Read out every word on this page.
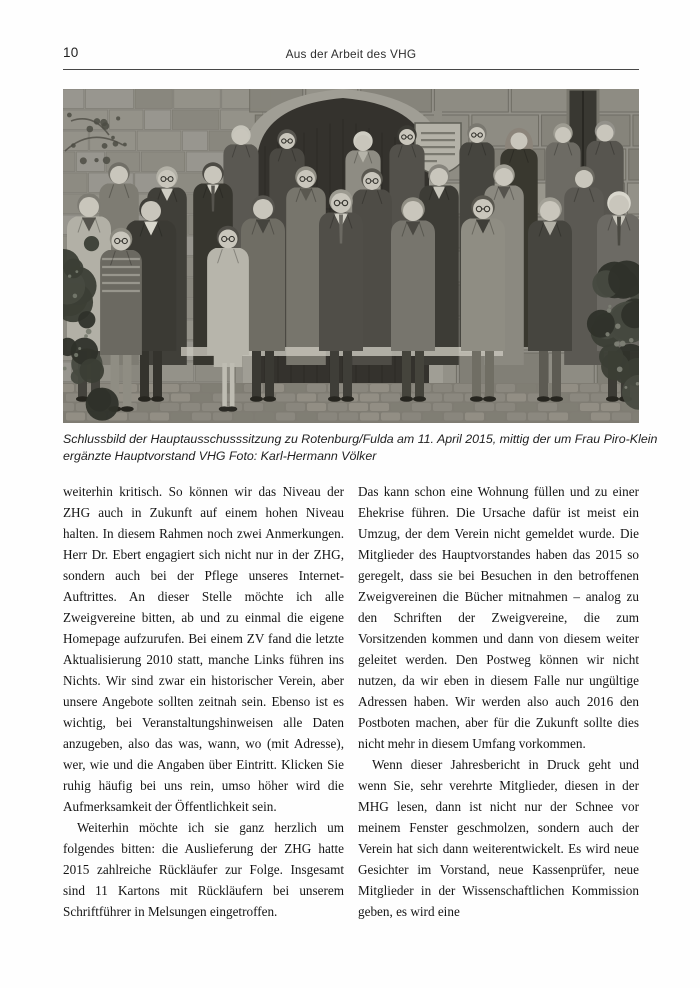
10	Aus der Arbeit des VHG
Schlussbild der Hauptausschusssitzung zu Rotenburg/Fulda am 11. April 2015, mittig der um Frau Piro-Klein
ergänzte Hauptvorstand VHG Foto: Karl-Hermann Völker

weiterhin kritisch. So können wir das Niveau der ZHG auch in Zukunft auf einem hohen Niveau halten. In diesem Rahmen noch zwei Anmerkungen. Herr Dr. Ebert engagiert sich nicht nur in der ZHG, sondern auch bei der Pflege unseres Internet-Auftrittes. An dieser Stelle möchte ich alle Zweigvereine bitten, ab und zu einmal die eigene Homepage aufzurufen. Bei einem ZV fand die letzte Aktualisierung 2010 statt, manche Links führen ins Nichts. Wir sind zwar ein historischer Verein, aber unsere Angebote sollten zeitnah sein. Ebenso ist es wichtig, bei Veranstaltungshinweisen alle Daten anzugeben, also das was, wann, wo (mit Adresse), wer, wie und die Angaben über Eintritt. Klicken Sie ruhig häufig bei uns rein, umso höher wird die Aufmerksamkeit der Öffentlichkeit sein.

Weiterhin möchte ich sie ganz herzlich um folgendes bitten: die Auslieferung der ZHG hatte 2015 zahlreiche Rückläufer zur Folge. Insgesamt sind 11 Kartons mit Rückläufern bei unserem Schriftführer in Melsungen eingetroffen.

Das kann schon eine Wohnung füllen und zu einer Ehekrise führen. Die Ursache dafür ist meist ein Umzug, der dem Verein nicht gemeldet wurde. Die Mitglieder des Hauptvorstandes haben das 2015 so geregelt, dass sie bei Besuchen in den betroffenen Zweigvereinen die Bücher mitnahmen – analog zu den Schriften der Zweigvereine, die zum Vorsitzenden kommen und dann von diesem weiter geleitet werden. Den Postweg können wir nicht nutzen, da wir eben in diesem Falle nur ungültige Adressen haben. Wir werden also auch 2016 den Postboten machen, aber für die Zukunft sollte dies nicht mehr in diesem Umfang vorkommen.

Wenn dieser Jahresbericht in Druck geht und wenn Sie, sehr verehrte Mitglieder, diesen in der MHG lesen, dann ist nicht nur der Schnee vor meinem Fenster geschmolzen, sondern auch der Verein hat sich dann weiterentwickelt. Es wird neue Gesichter im Vorstand, neue Kassenprüfer, neue Mitglieder in der Wissenschaftlichen Kommission geben, es wird eine
